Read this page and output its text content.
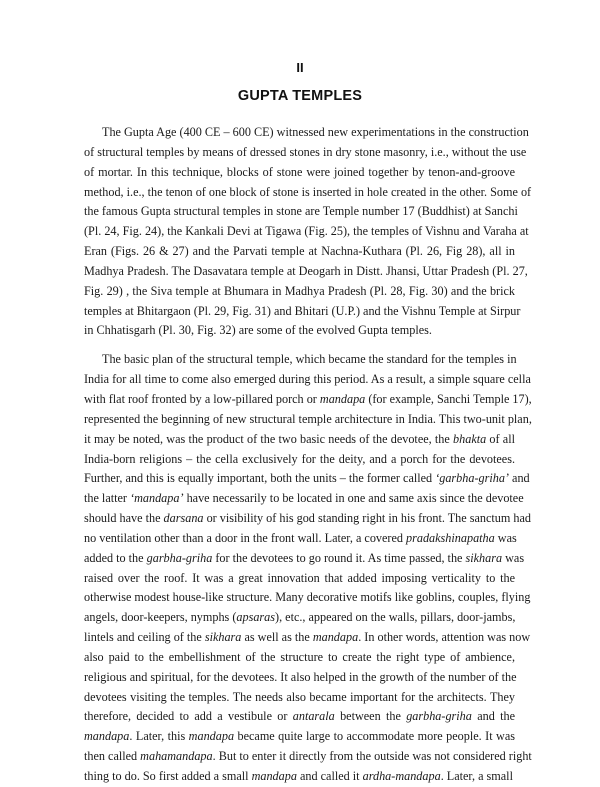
II
GUPTA TEMPLES
The Gupta Age (400 CE – 600 CE) witnessed new experimentations in the construction
of structural temples by means of dressed stones in dry stone masonry, i.e., without the use
of mortar. In this technique, blocks of stone were joined together by tenon-and-groove
method, i.e., the tenon of one block of stone is inserted in hole created in the other. Some of
the famous Gupta structural temples in stone are Temple number 17 (Buddhist) at Sanchi
(Pl. 24, Fig. 24), the Kankali Devi at Tigawa (Fig. 25), the temples of Vishnu and Varaha at
Eran (Figs. 26 & 27) and the Parvati temple at Nachna-Kuthara (Pl. 26, Fig 28), all in
Madhya Pradesh. The Dasavatara temple at Deogarh in Distt. Jhansi, Uttar Pradesh (Pl. 27,
Fig. 29) , the Siva temple at Bhumara in Madhya Pradesh (Pl. 28, Fig. 30) and the brick
temples at Bhitargaon (Pl. 29, Fig. 31) and Bhitari (U.P.) and the Vishnu Temple at Sirpur
in Chhatisgarh (Pl. 30, Fig. 32) are some of the evolved Gupta temples.
The basic plan of the structural temple, which became the standard for the temples in
India for all time to come also emerged during this period. As a result, a simple square cella
with flat roof fronted by a low-pillared porch or mandapa (for example, Sanchi Temple 17),
represented the beginning of new structural temple architecture in India. This two-unit plan,
it may be noted, was the product of the two basic needs of the devotee, the bhakta of all
India-born religions – the cella exclusively for the deity, and a porch for the devotees.
Further, and this is equally important, both the units – the former called ‘garbha-griha’ and
the latter ‘mandapa’ have necessarily to be located in one and same axis since the devotee
should have the darsana or visibility of his god standing right in his front. The sanctum had
no ventilation other than a door in the front wall. Later, a covered pradakshinapatha was
added to the garbha-griha for the devotees to go round it. As time passed, the sikhara was
raised over the roof. It was a great innovation that added imposing verticality to the
otherwise modest house-like structure. Many decorative motifs like goblins, couples, flying
angels, door-keepers, nymphs (apsaras), etc., appeared on the walls, pillars, door-jambs,
lintels and ceiling of the sikhara as well as the mandapa. In other words, attention was now
also paid to the embellishment of the structure to create the right type of ambience,
religious and spiritual, for the devotees. It also helped in the growth of the number of the
devotees visiting the temples. The needs also became important for the architects. They
therefore, decided to add a vestibule or antarala between the garbha-griha and the
mandapa. Later, this mandapa became quite large to accommodate more people. It was
then called mahamandapa. But to enter it directly from the outside was not considered right
thing to do. So first added a small mandapa and called it ardha-mandapa. Later, a small
